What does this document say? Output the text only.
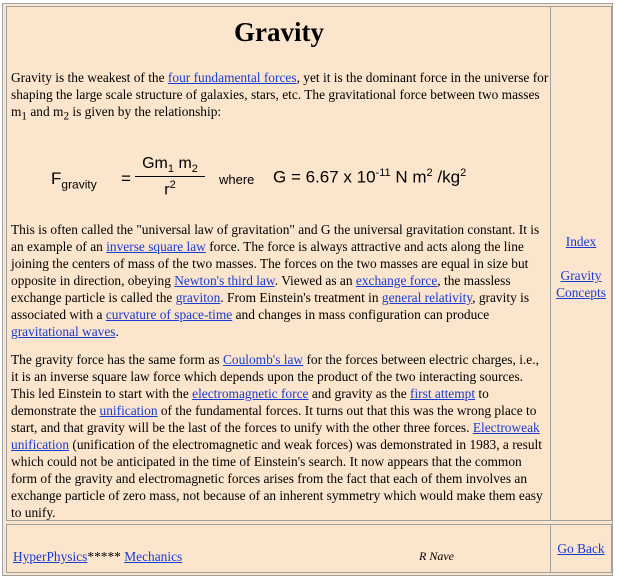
Gravity

Gravity is the weakest of the four fundamental forces, yet it is the dominant force in the universe for shaping the large scale structure of galaxies, stars, etc. The gravitational force between two masses $m_1$ and $m_2$ is given by the relationship:

$F_{gravity} = \frac{Gm_1 m_2}{r^2}$ where G = 6.67 x $10^{-11}$ N $m^2$ $/kg^2$

This is often called the "universal law of gravitation" and G the universal gravitation constant. It is an example of an inverse square law force. The force is always attractive and acts along the line joining the centers of mass of the two masses. The forces on the two masses are equal in size but opposite in direction, obeying Newton's third law. Viewed as an exchange force, the massless exchange particle is called the graviton. From Einstein's treatment in general relativity, gravity is associated with a curvature of space-time and changes in mass configuration can produce gravitational waves.

The gravity force has the same form as Coulomb's law for the forces between electric charges, i.e., it is an inverse square law force which depends upon the product of the two interacting sources. This led Einstein to start with the electromagnetic force and gravity as the first attempt to demonstrate the unification of the fundamental forces. It turns out that this was the wrong place to start, and that gravity will be the last of the forces to unify with the other three forces. Electroweak unification (unification of the electromagnetic and weak forces) was demonstrated in 1983, a result which could not be anticipated in the time of Einstein's search. It now appears that the common form of the gravity and electromagnetic forces arises from the fact that each of them involves an exchange particle of zero mass, not because of an inherent symmetry which would make them easy to unify.

Index
Gravity
Concepts
HyperPhysics***** Mechanics	R Nave	Go Back
